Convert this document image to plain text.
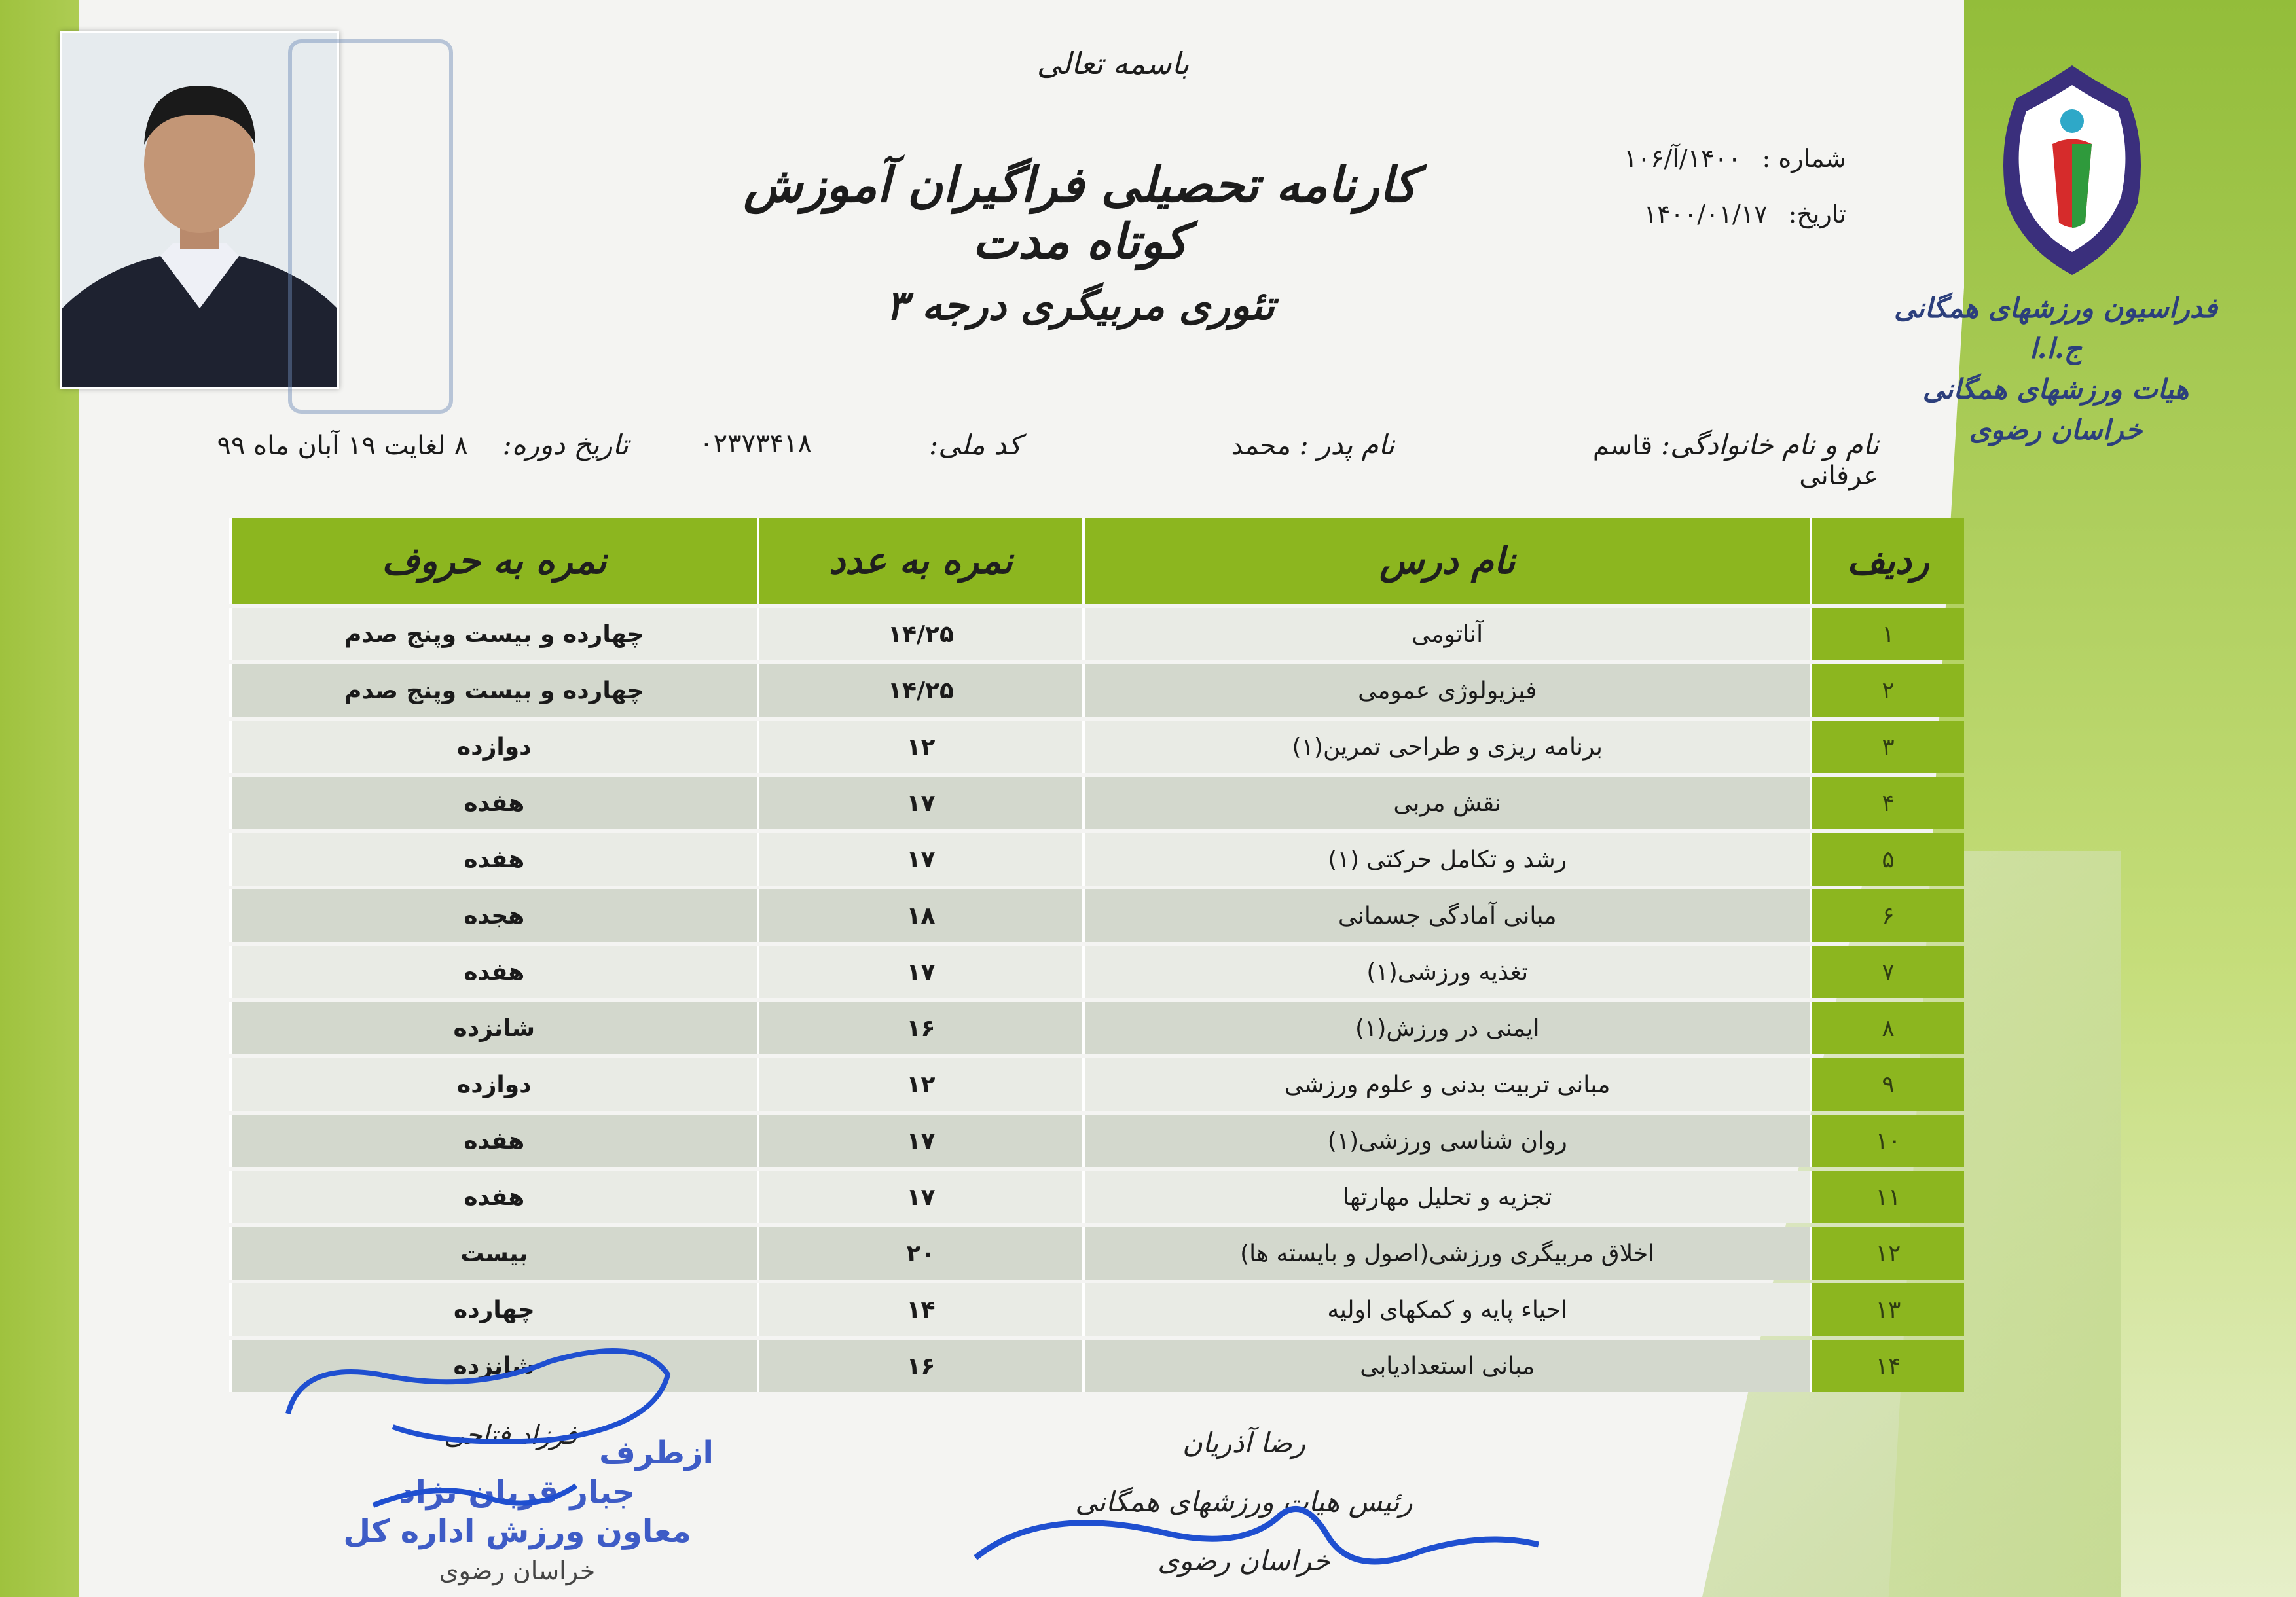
باسمه تعالی
کارنامه تحصیلی فراگیران آموزش کوتاه مدت
تئوری مربیگری درجه ۳
شماره : ۱۴۰۰/آ/۱۰۶
تاریخ: ۱۴۰۰/۰۱/۱۷
فدراسیون ورزشهای همگانی ج.ا.ا
هیات ورزشهای همگانی خراسان رضوی
نام و نام خانوادگی: قاسم عرفانی
نام پدر : محمد
کد ملی:
۰۲۳۷۳۴۱۸
تاریخ دوره: ۸ لغایت ۱۹ آبان ماه ۹۹
ردیف	نام درس	نمره به عدد	نمره به حروف
۱	آناتومی	۱۴/۲۵	چهارده و بیست وپنج صدم
۲	فیزیولوژی عمومی	۱۴/۲۵	چهارده و بیست وپنج صدم
۳	برنامه ریزی و طراحی تمرین(۱)	۱۲	دوازده
۴	نقش مربی	۱۷	هفده
۵	رشد و تکامل حرکتی (۱)	۱۷	هفده
۶	مبانی آمادگی جسمانی	۱۸	هجده
۷	تغذیه ورزشی(۱)	۱۷	هفده
۸	ایمنی در ورزش(۱)	۱۶	شانزده
۹	مبانی تربیت بدنی و علوم ورزشی	۱۲	دوازده
۱۰	روان شناسی ورزشی(۱)	۱۷	هفده
۱۱	تجزیه و تحلیل مهارتها	۱۷	هفده
۱۲	اخلاق مربیگری ورزشی(اصول و بایسته ها)	۲۰	بیست
۱۳	احیاء پایه و کمکهای اولیه	۱۴	چهارده
۱۴	مبانی استعدادیابی	۱۶	شانزده
فرزاد فتاحی ازطرف
جبار قربان نژاد
معاون ورزش اداره کل
خراسان رضوی
رضا آذریان
رئیس هیات ورزشهای همگانی
خراسان رضوی
